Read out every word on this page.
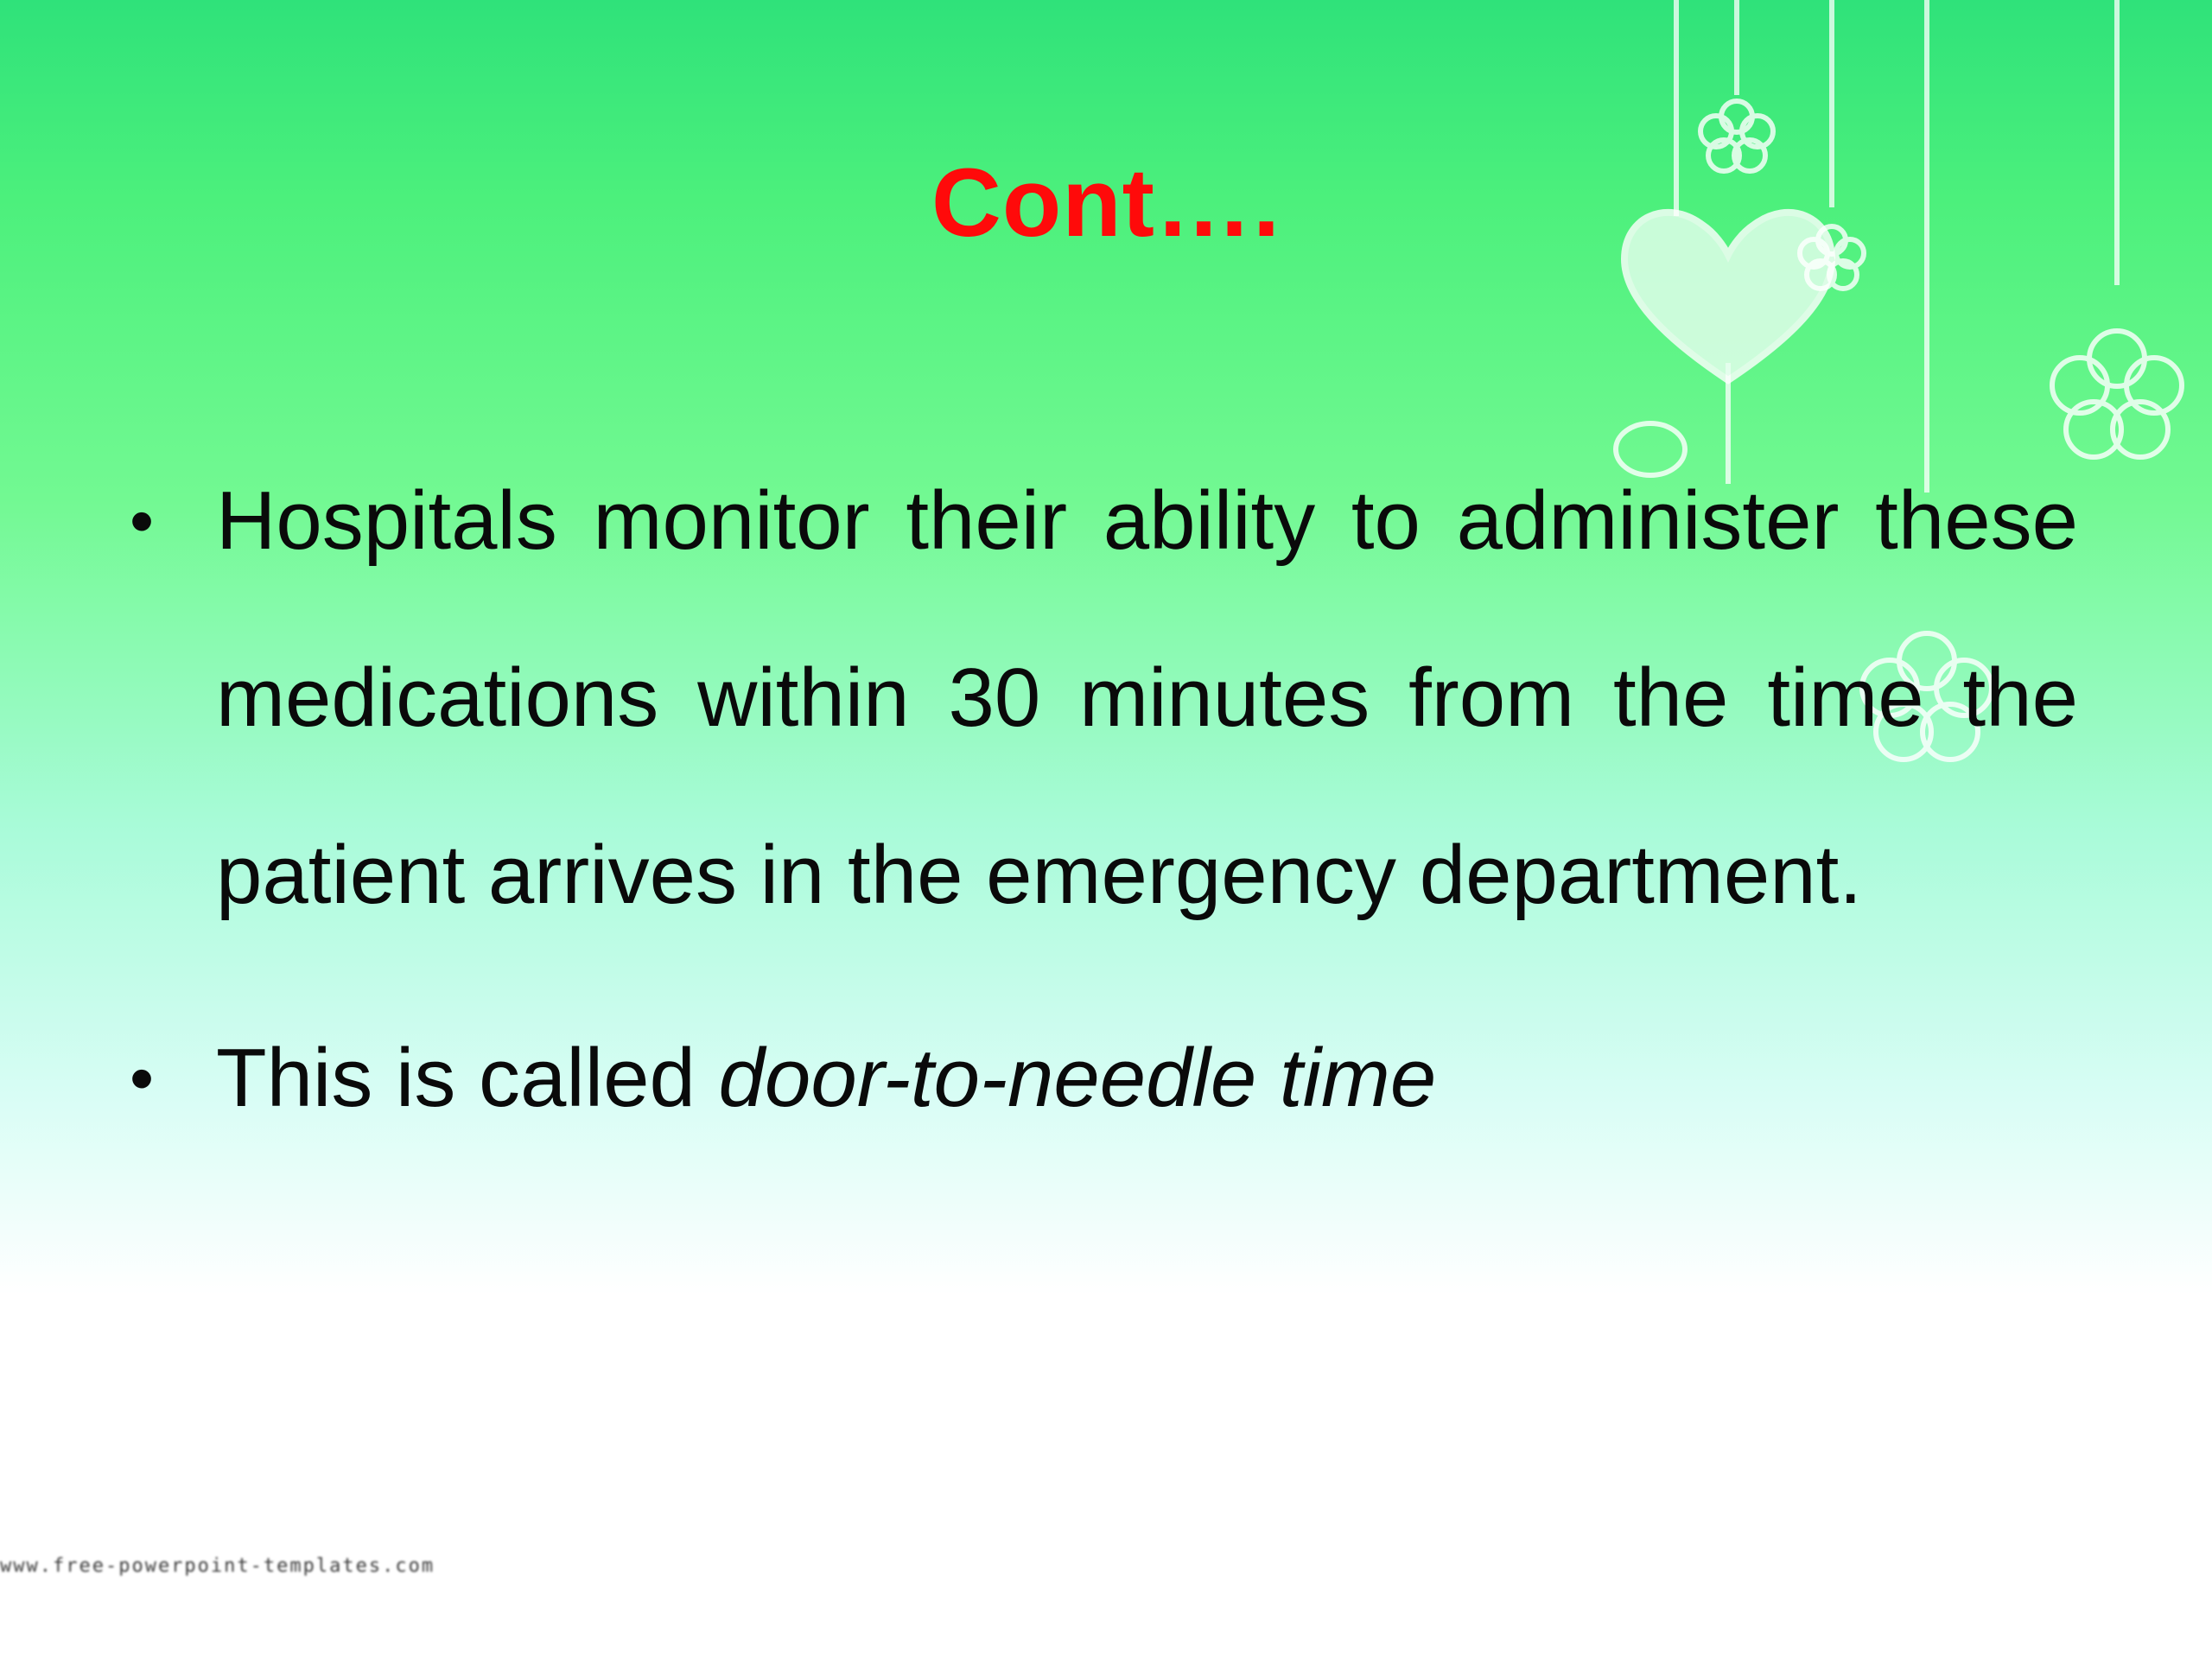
Cont….
• Hospitals monitor their ability to administer these medications within 30 minutes from the time the patient arrives in the emergency department.
• This is called door-to-needle time
www.free-powerpoint-templates.com
